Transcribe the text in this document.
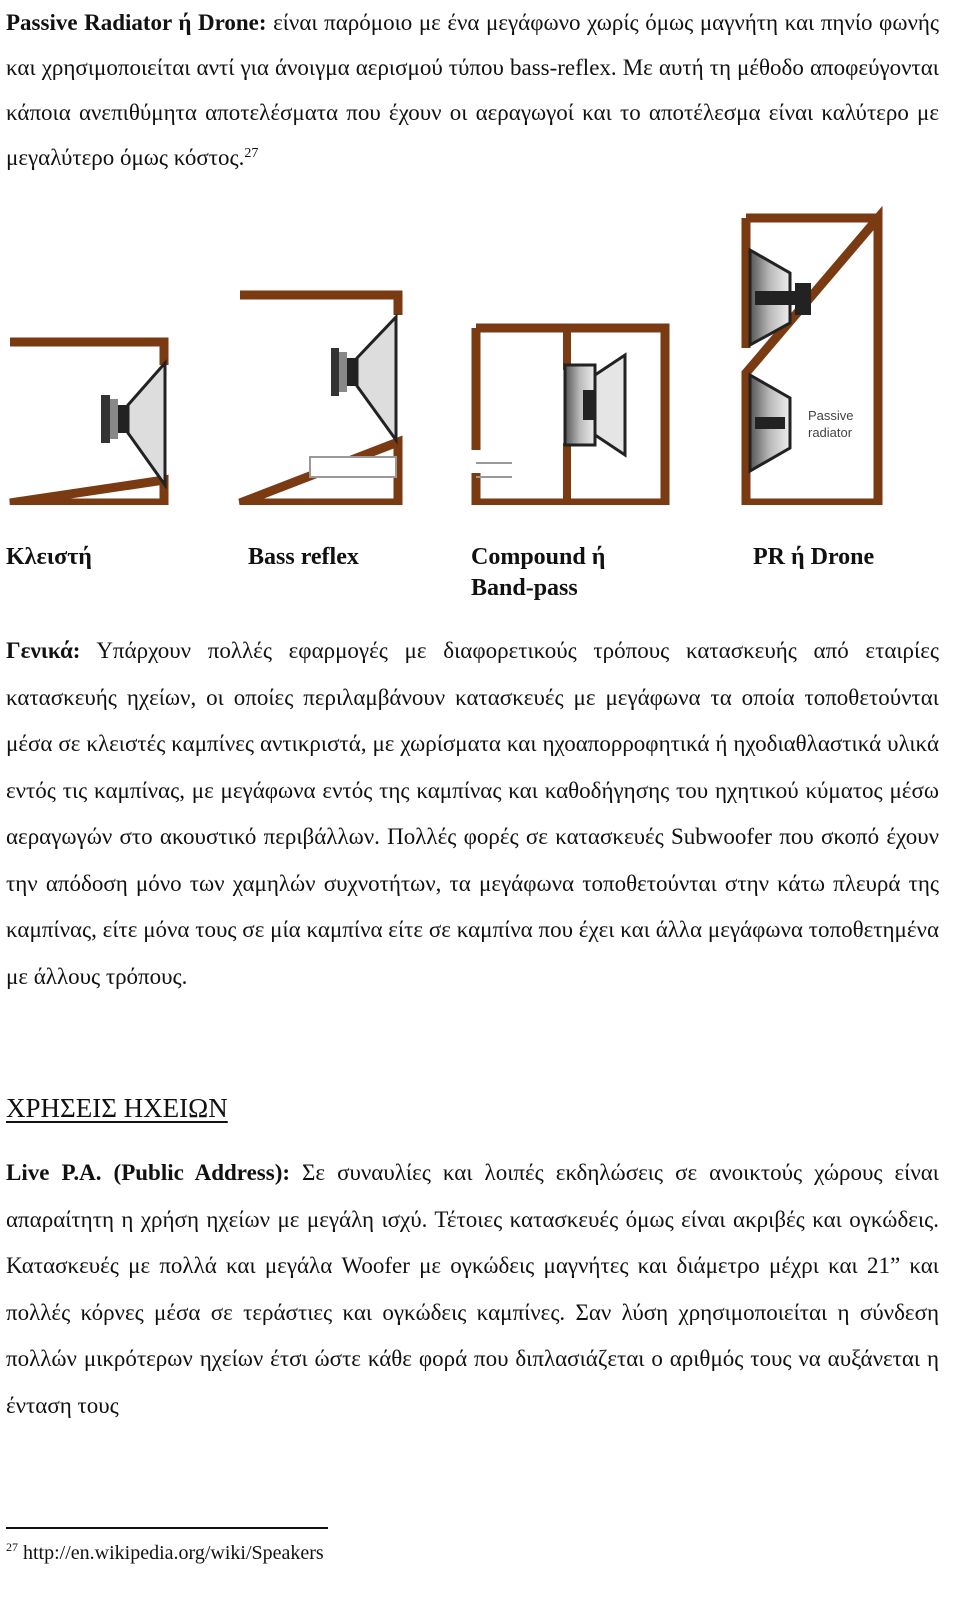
Passive Radiator ή Drone: είναι παρόμοιο με ένα μεγάφωνο χωρίς όμως μαγνήτη και πηνίο φωνής και χρησιμοποιείται αντί για άνοιγμα αερισμού τύπου bass-reflex. Με αυτή τη μέθοδο αποφεύγονται κάποια ανεπιθύμητα αποτελέσματα που έχουν οι αεραγωγοί και το αποτέλεσμα είναι καλύτερο με μεγαλύτερο όμως κόστος.$^{27}$

Passive
radiator

Κλειστή	Bass reflex	Compound ή

Band-pass

PR ή Drone

Γενικά: Υπάρχουν πολλές εφαρμογές με διαφορετικούς τρόπους κατασκευής από εταιρίες κατασκευής ηχείων, οι οποίες περιλαμβάνουν κατασκευές με μεγάφωνα τα οποία τοποθετούνται μέσα σε κλειστές καμπίνες αντικριστά, με χωρίσματα και ηχοαπορροφητικά ή ηχοδιαθλαστικά υλικά εντός τις καμπίνας, με μεγάφωνα εντός της καμπίνας και καθοδήγησης του ηχητικού κύματος μέσω αεραγωγών στο ακουστικό περιβάλλων. Πολλές φορές σε κατασκευές Subwoofer που σκοπό έχουν την απόδοση μόνο των χαμηλών συχνοτήτων, τα μεγάφωνα τοποθετούνται στην κάτω πλευρά της καμπίνας, είτε μόνα τους σε μία καμπίνα είτε σε καμπίνα που έχει και άλλα μεγάφωνα τοποθετημένα με άλλους τρόπους.

ΧΡΗΣΕΙΣ ΗΧΕΙΩΝ

Live P.A. (Public Address): Σε συναυλίες και λοιπές εκδηλώσεις σε ανοικτούς χώρους είναι απαραίτητη η χρήση ηχείων με μεγάλη ισχύ. Τέτοιες κατασκευές όμως είναι ακριβές και ογκώδεις. Κατασκευές με πολλά και μεγάλα Woofer με ογκώδεις μαγνήτες και διάμετρο μέχρι και 21” και πολλές κόρνες μέσα σε τεράστιες και ογκώδεις καμπίνες. Σαν λύση χρησιμοποιείται η σύνδεση πολλών μικρότερων ηχείων έτσι ώστε κάθε φορά που διπλασιάζεται ο αριθμός τους να αυξάνεται η ένταση τους

$^{27}$ http://en.wikipedia.org/wiki/Speakers
